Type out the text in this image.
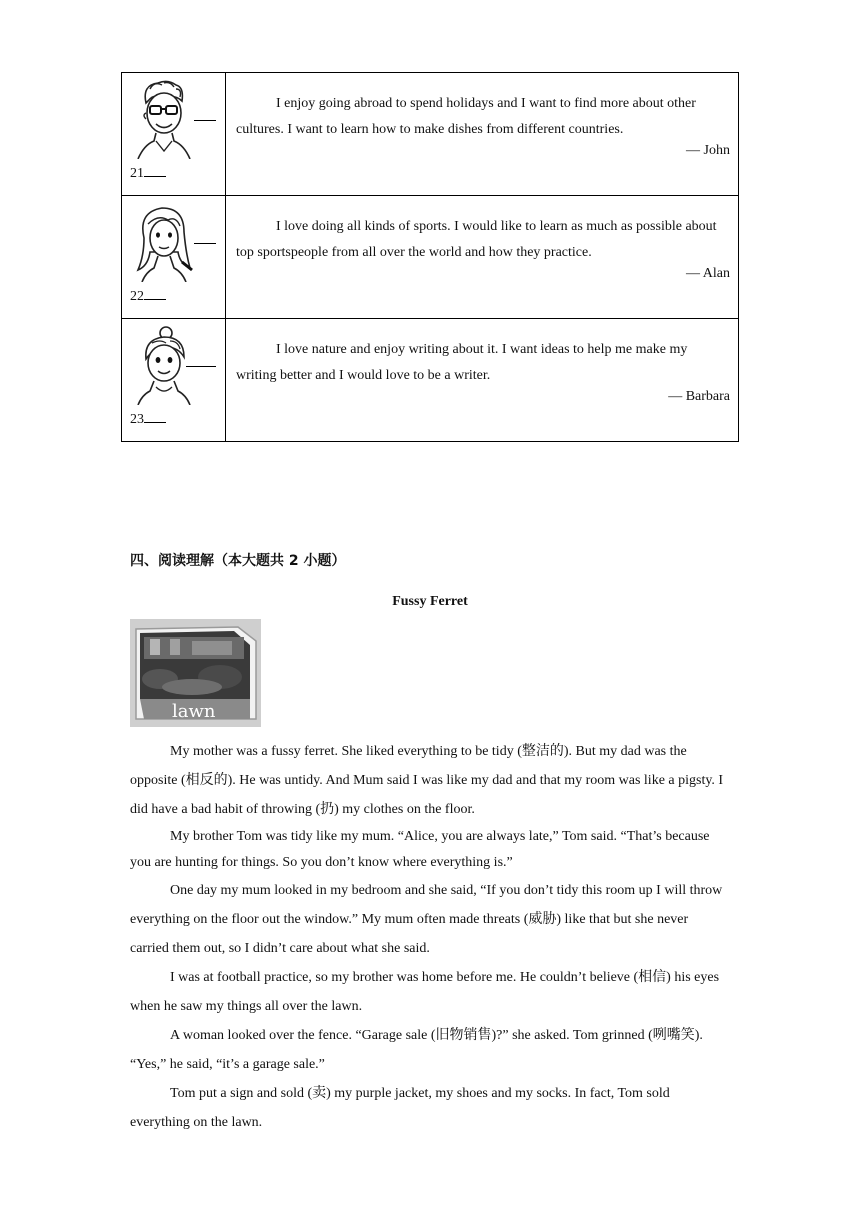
21	I enjoy going abroad to spend holidays and I want to find more about other cultures. I want to learn how to make dishes from different countries.
— John

22	I love doing all kinds of sports. I would like to learn as much as possible about top sportspeople from all over the world and how they practice.
— Alan

23	I love nature and enjoy writing about it. I want ideas to help me make my writing better and I would love to be a writer.
— Barbara
四、阅读理解（本大题共 2 小题）
Fussy Ferret
lawn

My mother was a fussy ferret. She liked everything to be tidy (整洁的). But my dad was the opposite (相反的). He was untidy. And Mum said I was like my dad and that my room was like a pigsty. I did have a bad habit of throwing (扔) my clothes on the floor.

My brother Tom was tidy like my mum. “Alice, you are always late,” Tom said. “That’s because you are hunting for things. So you don’t know where everything is.”

One day my mum looked in my bedroom and she said, “If you don’t tidy this room up I will throw everything on the floor out the window.” My mum often made threats (威胁) like that but she never carried them out, so I didn’t care about what she said.

I was at football practice, so my brother was home before me. He couldn’t believe (相信) his eyes when he saw my things all over the lawn.

A woman looked over the fence. “Garage sale (旧物销售)?” she asked. Tom grinned (咧嘴笑). “Yes,” he said, “it’s a garage sale.”

Tom put a sign and sold (卖) my purple jacket, my shoes and my socks. In fact, Tom sold everything on the lawn.
